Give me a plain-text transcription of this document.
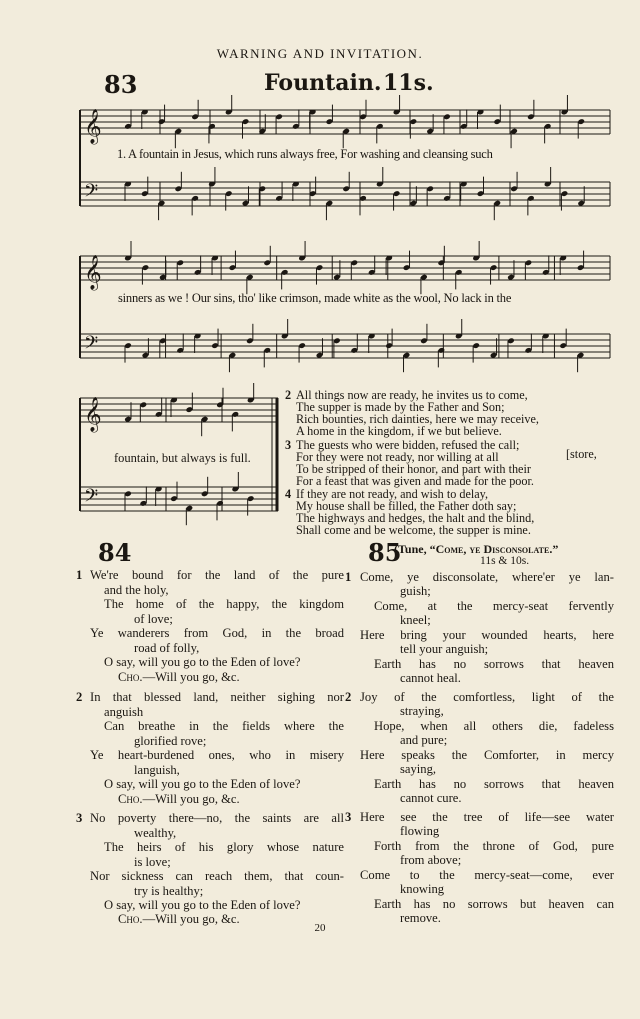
WARNING AND INVITATION.
83	Fountain. 11s.
𝄞
𝄢
𝄞
𝄢
𝄞
𝄢
1. A fountain in Jesus, which runs always free, For washing and cleansing such
sinners as we ! Our sins, tho' like crimson, made white as the wool, No lack in the
fountain, but always is full.
2 All things now are ready, he invites us to come,
The supper is made by the Father and Son;
Rich bounties, rich dainties, here we may receive,
A home in the kingdom, if we but believe.
3 The guests who were bidden, refused the call;
For they were not ready, nor willing at all	[store,
To be stripped of their honor, and part with their
For a feast that was given and made for the poor.
4 If they are not ready, and wish to delay,
My house shall be filled, the Father doth say;
The highways and hedges, the halt and the blind,
Shall come and be welcome, the supper is mine.
84
1 We're bound for the land of the pure
and the holy,
The home of the happy, the kingdom
of love;
Ye wanderers from God, in the broad
road of folly,
O say, will you go to the Eden of love?
Cho.—Will you go, &c.
2 In that blessed land, neither sighing nor
anguish
Can breathe in the fields where the
glorified rove;
Ye heart-burdened ones, who in misery
languish,
O say, will you go to the Eden of love?
Cho.—Will you go, &c.
3 No poverty there—no, the saints are all
wealthy,
The heirs of his glory whose nature
is love;
Nor sickness can reach them, that coun-
try is healthy;
O say, will you go to the Eden of love?
Cho.—Will you go, &c.
85
(Tune, “Come, ye Disconsolate.”
11s & 10s.
1 Come, ye disconsolate, where'er ye lan-
guish;
Come, at the mercy-seat fervently
kneel;
Here bring your wounded hearts, here
tell your anguish;
Earth has no sorrows that heaven
cannot heal.
2 Joy of the comfortless, light of the
straying,
Hope, when all others die, fadeless
and pure;
Here speaks the Comforter, in mercy
saying,
Earth has no sorrows that heaven
cannot cure.
3 Here see the tree of life—see water
flowing
Forth from the throne of God, pure
from above;
Come to the mercy-seat—come, ever
knowing
Earth has no sorrows but heaven can
remove.
20
